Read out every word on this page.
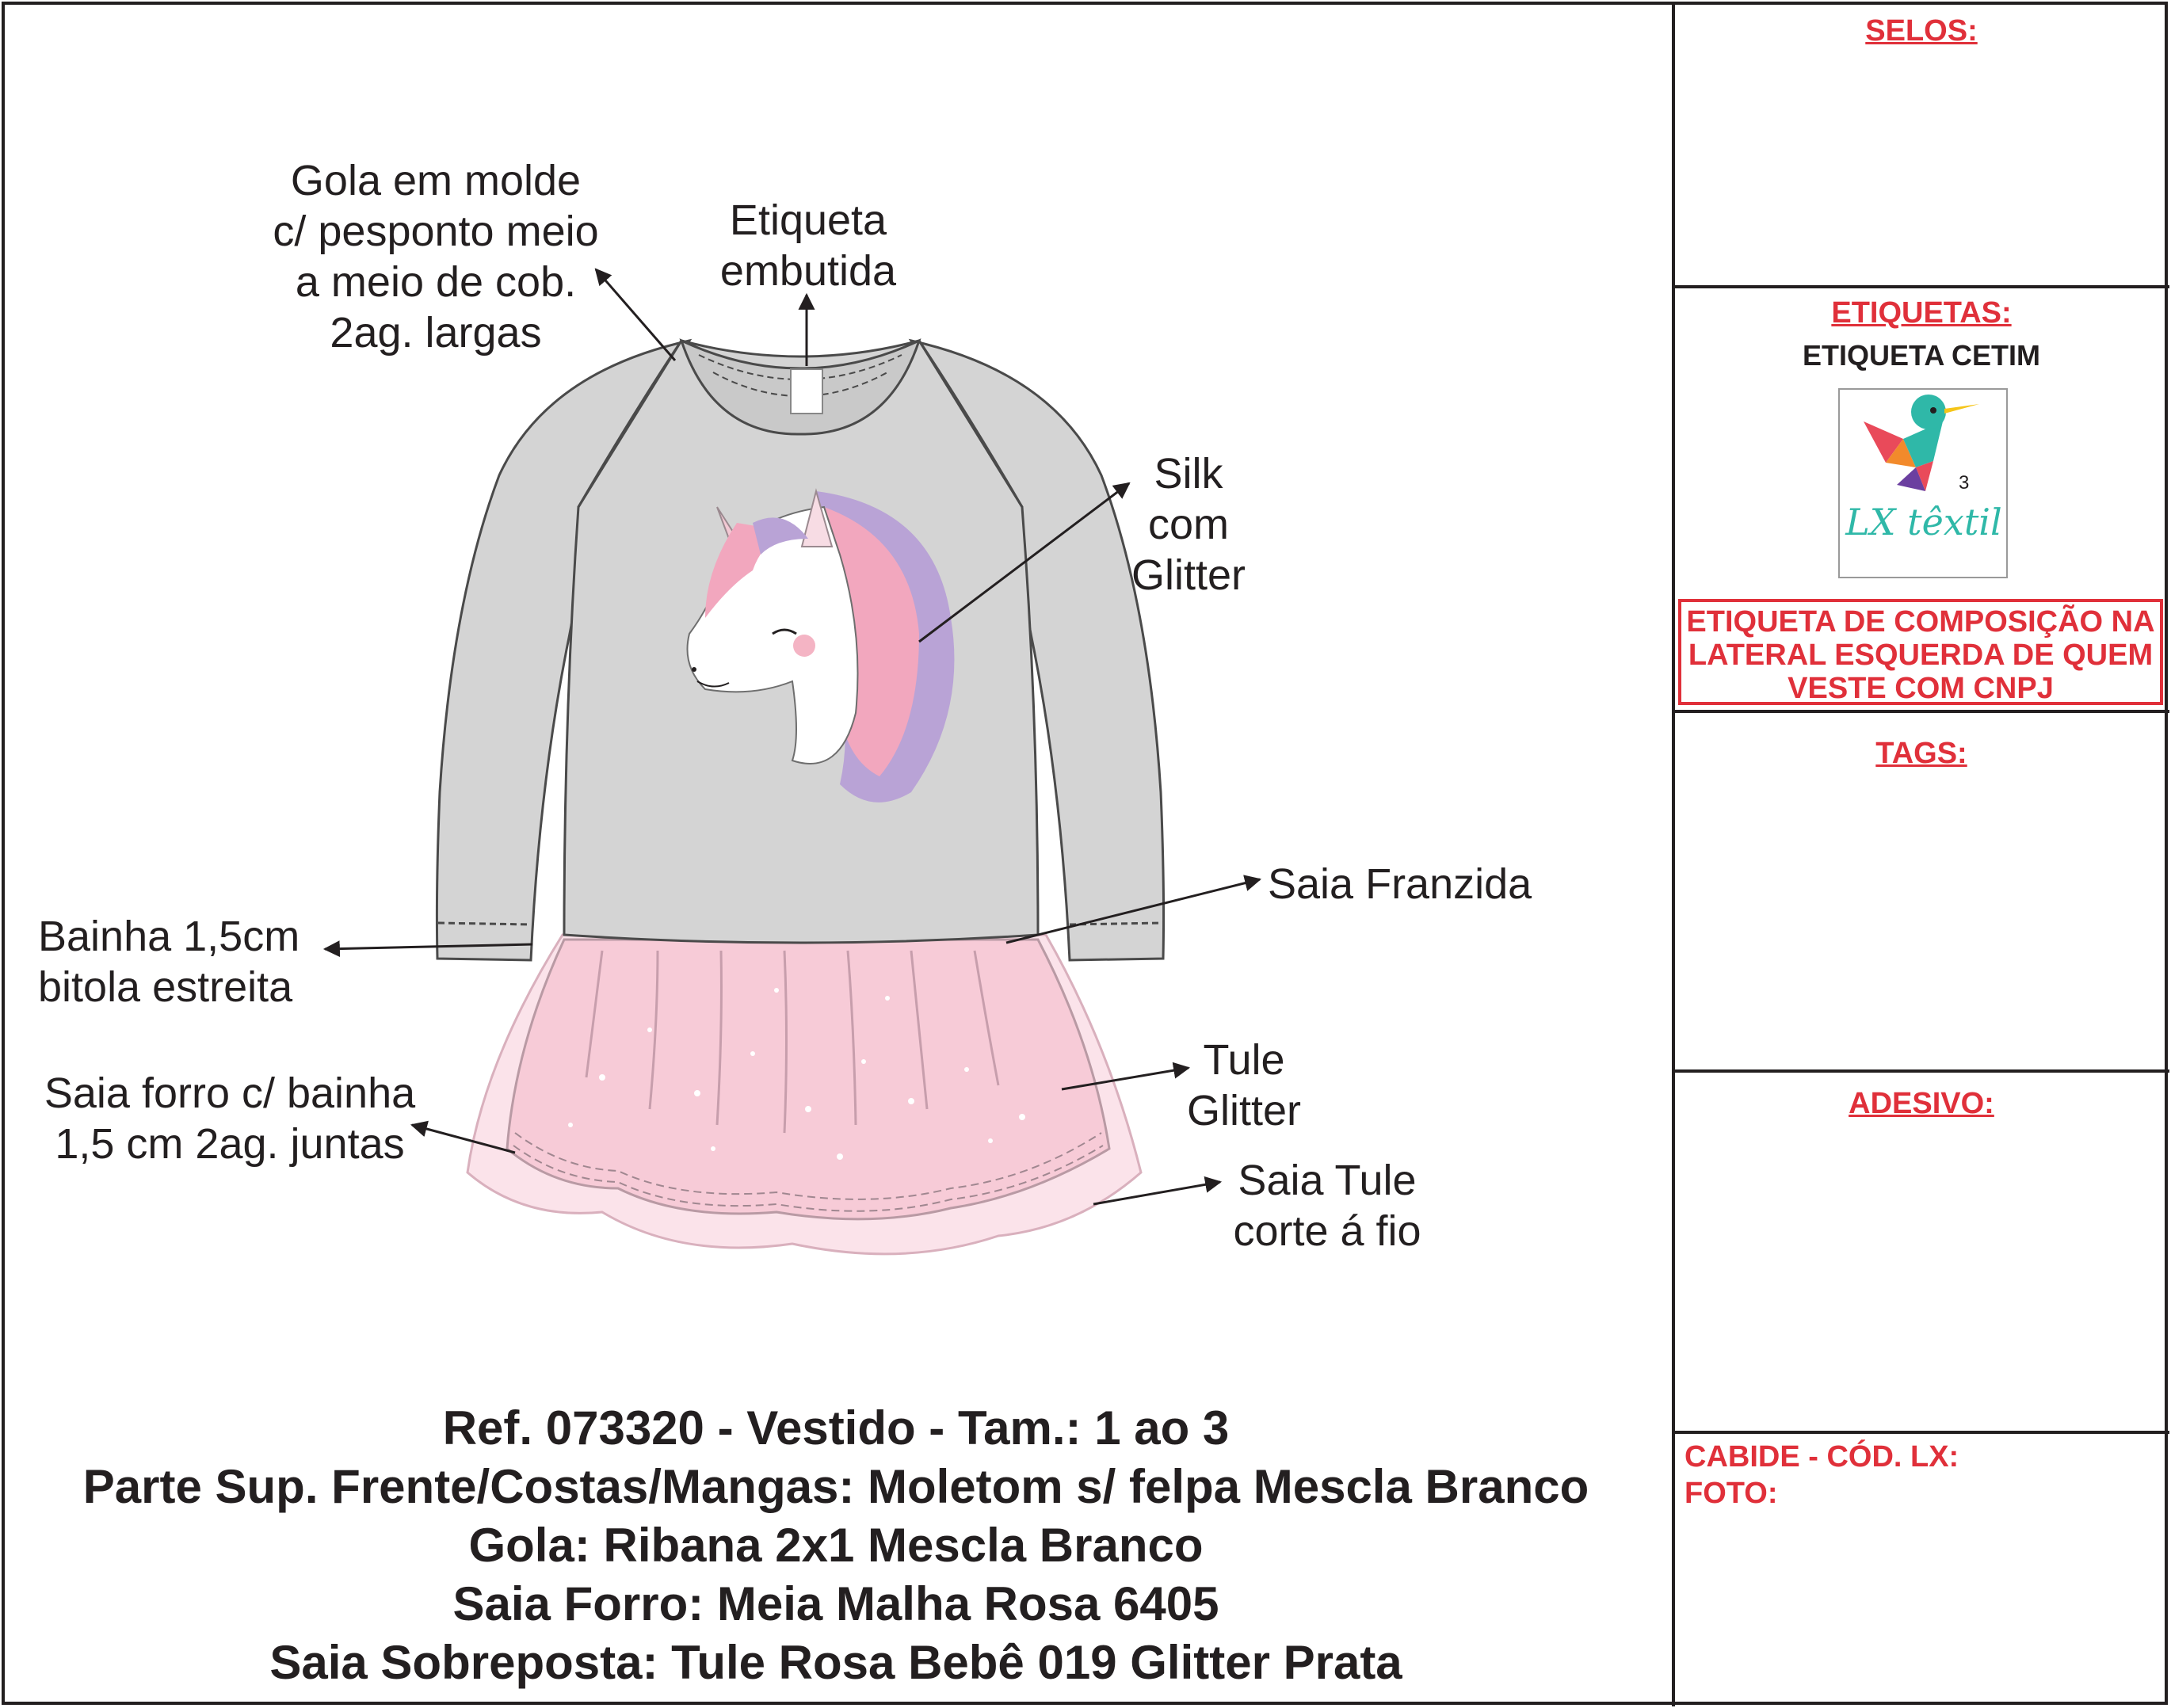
SELOS:
ETIQUETAS:
ETIQUETA CETIM
LX têxtil
3
ETIQUETA DE COMPOSIÇÃO NA LATERAL ESQUERDA DE QUEM VESTE COM CNPJ
TAGS:
ADESIVO:
CABIDE - CÓD. LX:
FOTO:
Gola em molde
c/ pesponto meio
a meio de cob.
2ag. largas
Etiqueta
embutida
Silk
com
Glitter
Saia Franzida
Bainha 1,5cm
bitola estreita
Tule
Glitter
Saia forro c/ bainha
1,5 cm 2ag. juntas
Saia Tule
corte á fio
Ref. 073320 - Vestido - Tam.: 1 ao 3
Parte Sup. Frente/Costas/Mangas: Moletom s/ felpa Mescla Branco
Gola: Ribana 2x1 Mescla Branco
Saia Forro: Meia Malha Rosa 6405
Saia Sobreposta: Tule Rosa Bebê 019 Glitter Prata
